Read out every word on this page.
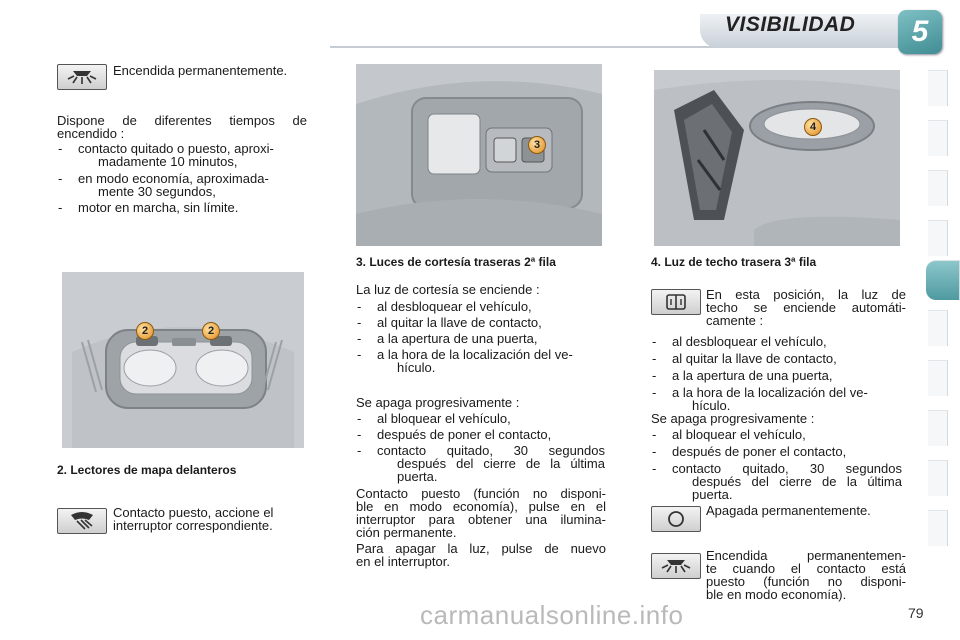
VISIBILIDAD	5
Encendida permanentemente.
Dispone de diferentes tiempos de encendido :
- contacto quitado o puesto, aproxi-
madamente 10 minutos,
- en modo economía, aproximada-
mente 30 segundos,
- motor en marcha, sin límite.
2	2
2. Lectores de mapa delanteros
Contacto puesto, accione el
interruptor correspondiente.
3
3. Luces de cortesía traseras 2ª fila
La luz de cortesía se enciende :
- al desbloquear el vehículo,
- al quitar la llave de contacto,
- a la apertura de una puerta,
- a la hora de la localización del ve-
hículo.
Se apaga progresivamente :
- al bloquear el vehículo,
- después de poner el contacto,
- contacto quitado, 30 segundos
después del cierre de la última
puerta.
Contacto puesto (función no disponi-
ble en modo economía), pulse en el
interruptor para obtener una ilumina-
ción permanente.
Para apagar la luz, pulse de nuevo
en el interruptor.
4
4. Luz de techo trasera 3ª fila
En esta posición, la luz de
techo se enciende automáti-
camente :
- al desbloquear el vehículo,
- al quitar la llave de contacto,
- a la apertura de una puerta,
- a la hora de la localización del ve-
hículo.
Se apaga progresivamente :
- al bloquear el vehículo,
- después de poner el contacto,
- contacto quitado, 30 segundos
después del cierre de la última
puerta.
Apagada permanentemente.
Encendida permanentemen-
te cuando el contacto está
puesto (función no disponi-
ble en modo economía).
carmanualsonline.info	79
